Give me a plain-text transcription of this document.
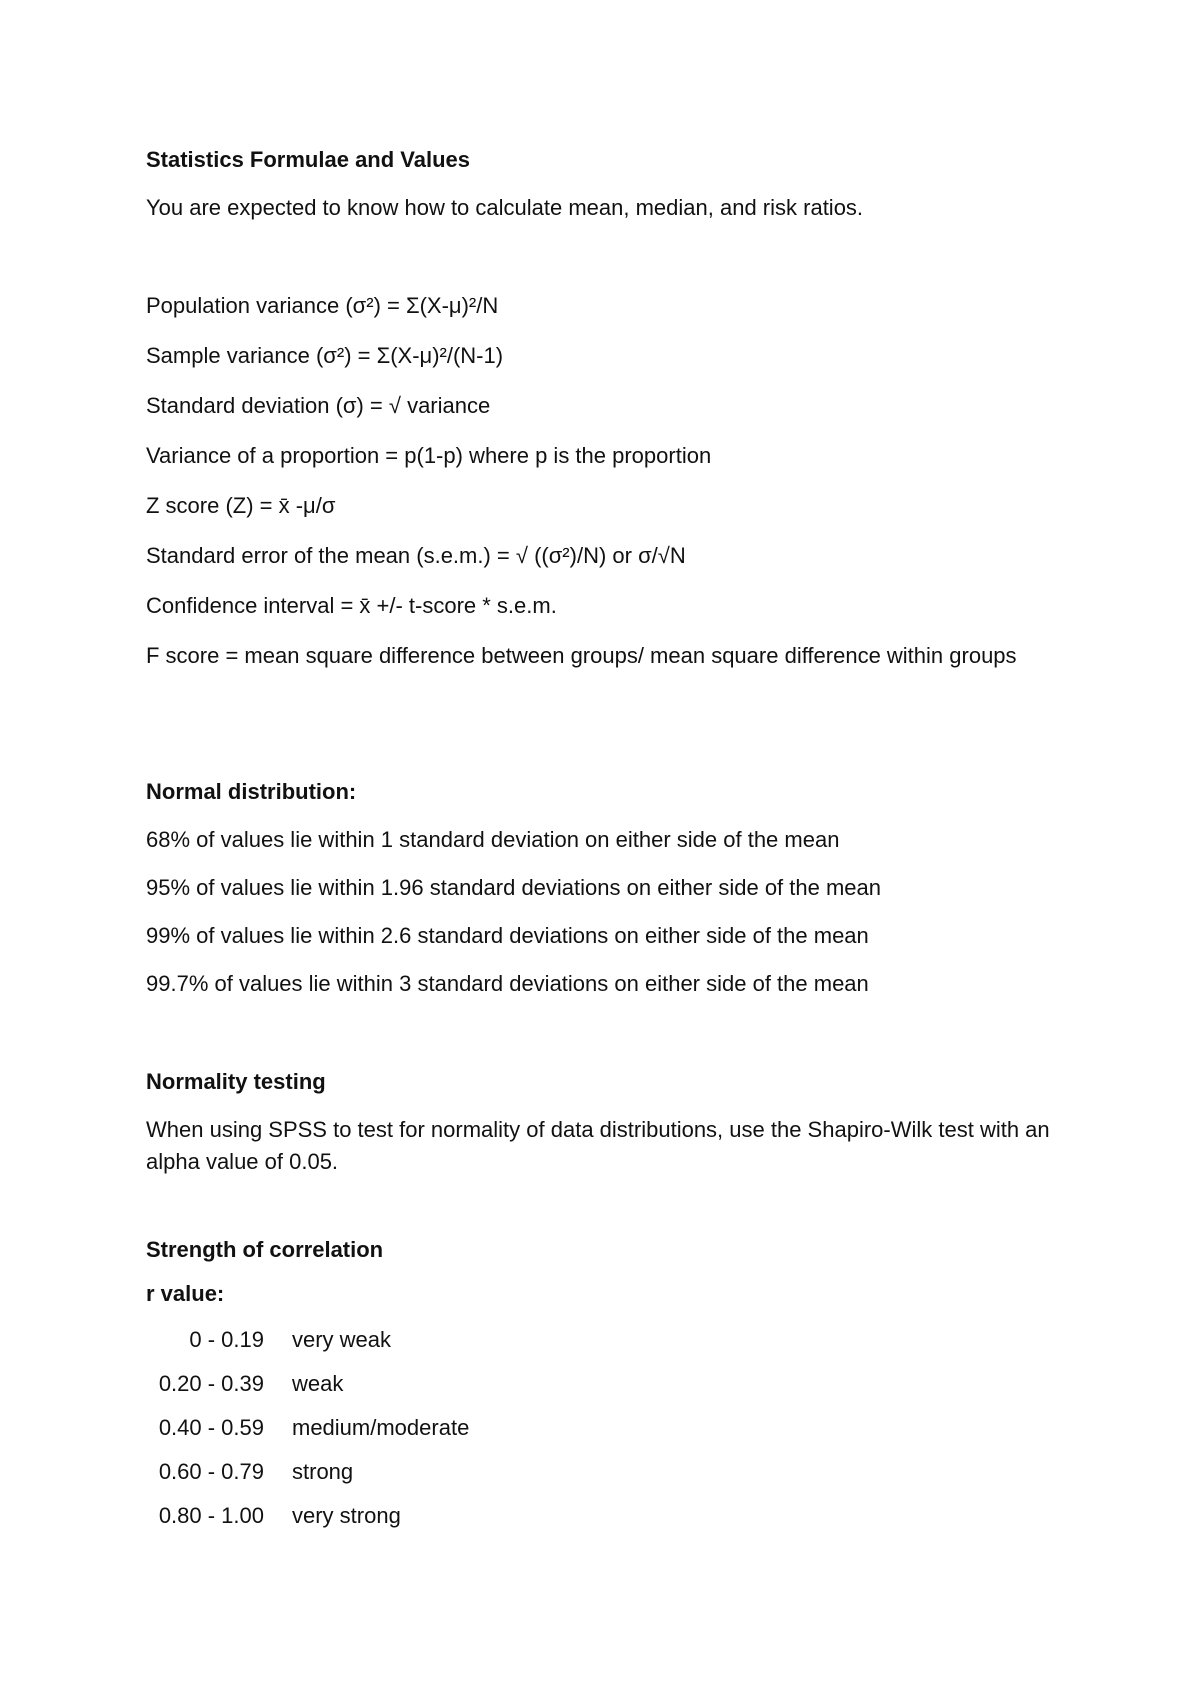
Statistics Formulae and Values

You are expected to know how to calculate mean, median, and risk ratios.

Population variance (σ²) = Σ(X-μ)²/N

Sample variance (σ²) = Σ(X-μ)²/(N-1)

Standard deviation (σ) = √ variance

Variance of a proportion = p(1-p) where p is the proportion

Z score (Z) = x̄ -μ/σ

Standard error of the mean (s.e.m.) = √ ((σ²)/N) or σ/√N

Confidence interval = x̄ +/- t-score * s.e.m.

F score = mean square difference between groups/ mean square difference within groups

Normal distribution:

68% of values lie within 1 standard deviation on either side of the mean

95% of values lie within 1.96 standard deviations on either side of the mean

99% of values lie within 2.6 standard deviations on either side of the mean

99.7% of values lie within 3 standard deviations on either side of the mean

Normality testing

When using SPSS to test for normality of data distributions, use the Shapiro-Wilk test with an alpha value of 0.05.

Strength of correlation

r value:

0 - 0.19 very weak
0.20 - 0.39 weak
0.40 - 0.59 medium/moderate
0.60 - 0.79 strong
0.80 - 1.00 very strong
